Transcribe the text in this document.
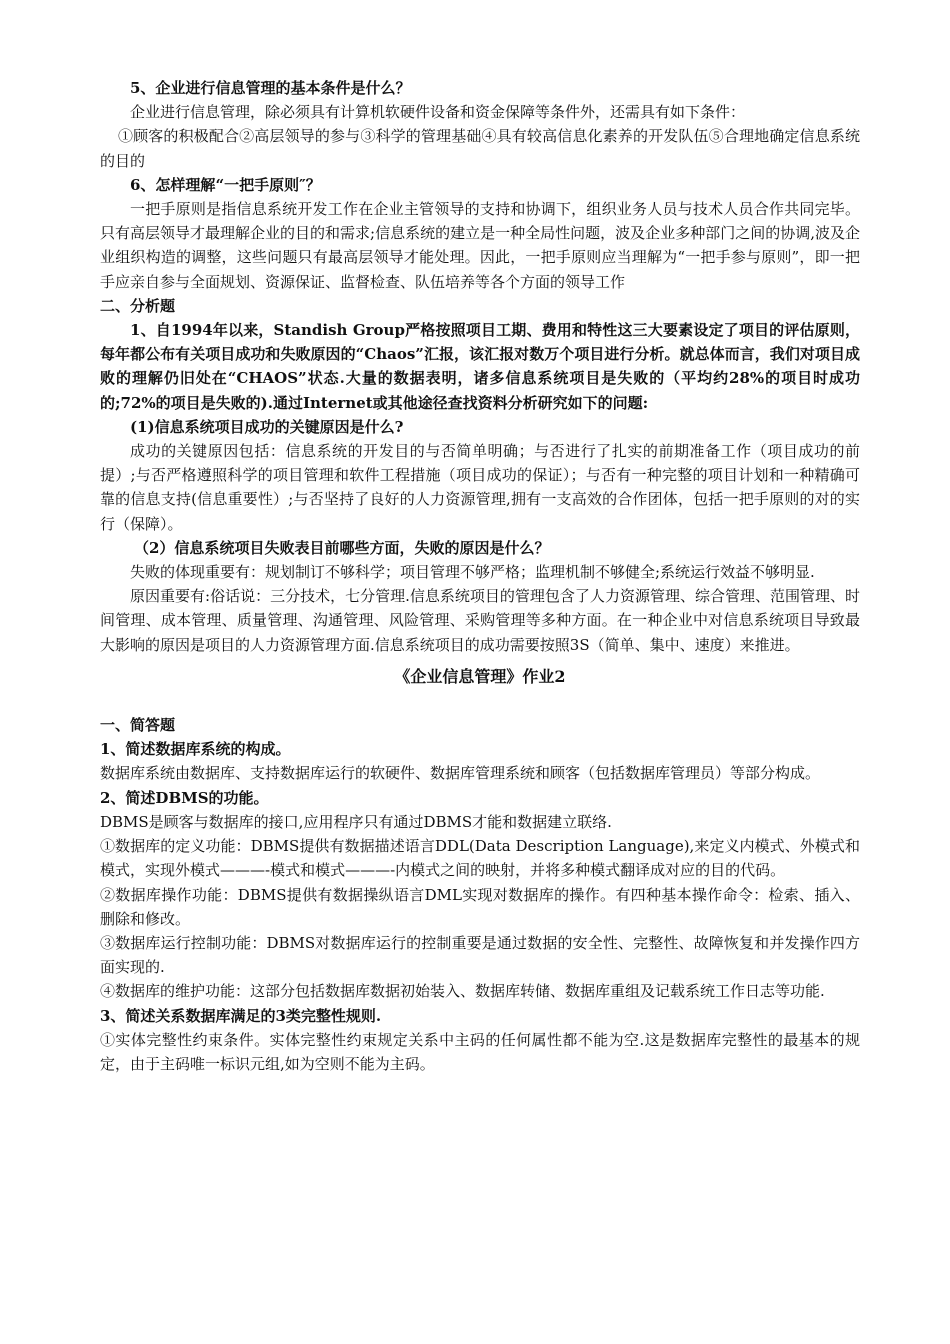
5、企业进行信息管理的基本条件是什么？

企业进行信息管理，除必须具有计算机软硬件设备和资金保障等条件外，还需具有如下条件：

①顾客的积极配合②高层领导的参与③科学的管理基础④具有较高信息化素养的开发队伍⑤合理地确定信息系统的目的

6、怎样理解“一把手原则″？

一把手原则是指信息系统开发工作在企业主管领导的支持和协调下，组织业务人员与技术人员合作共同完毕。只有高层领导才最理解企业的目的和需求;信息系统的建立是一种全局性问题，波及企业多种部门之间的协调,波及企业组织构造的调整，这些问题只有最高层领导才能处理。因此，一把手原则应当理解为“一把手参与原则”，即一把手应亲自参与全面规划、资源保证、监督检查、队伍培养等各个方面的领导工作

二、分析题

1、自1994年以来，Standish Group严格按照项目工期、费用和特性这三大要素设定了项目的评估原则，每年都公布有关项目成功和失败原因的“Chaos”汇报，该汇报对数万个项目进行分析。就总体而言，我们对项目成败的理解仍旧处在“CHAOS”状态.大量的数据表明，诸多信息系统项目是失败的（平均约28%的项目时成功的;72%的项目是失败的).通过Internet或其他途径查找资料分析研究如下的问题:

(1)信息系统项目成功的关键原因是什么?

成功的关键原因包括：信息系统的开发目的与否简单明确；与否进行了扎实的前期准备工作（项目成功的前提）;与否严格遵照科学的项目管理和软件工程措施（项目成功的保证）；与否有一种完整的项目计划和一种精确可靠的信息支持(信息重要性）;与否坚持了良好的人力资源管理,拥有一支高效的合作团体，包括一把手原则的对的实行（保障）。

（2）信息系统项目失败表目前哪些方面，失败的原因是什么？

失败的体现重要有：规划制订不够科学；项目管理不够严格；监理机制不够健全;系统运行效益不够明显.

原因重要有:俗话说：三分技术，七分管理.信息系统项目的管理包含了人力资源管理、综合管理、范围管理、时间管理、成本管理、质量管理、沟通管理、风险管理、采购管理等多种方面。在一种企业中对信息系统项目导致最大影响的原因是项目的人力资源管理方面.信息系统项目的成功需要按照3S（简单、集中、速度）来推进。

《企业信息管理》作业2

一、简答题

1、简述数据库系统的构成。

数据库系统由数据库、支持数据库运行的软硬件、数据库管理系统和顾客（包括数据库管理员）等部分构成。

2、简述DBMS的功能。

DBMS是顾客与数据库的接口,应用程序只有通过DBMS才能和数据建立联络.

①数据库的定义功能：DBMS提供有数据描述语言DDL(Data Description Language),来定义内模式、外模式和模式，实现外模式———-模式和模式———-内模式之间的映射，并将多种模式翻译成对应的目的代码。

②数据库操作功能：DBMS提供有数据操纵语言DML实现对数据库的操作。有四种基本操作命令：检索、插入、删除和修改。

③数据库运行控制功能：DBMS对数据库运行的控制重要是通过数据的安全性、完整性、故障恢复和并发操作四方面实现的.

④数据库的维护功能：这部分包括数据库数据初始装入、数据库转储、数据库重组及记载系统工作日志等功能.

3、简述关系数据库满足的3类完整性规则.

①实体完整性约束条件。实体完整性约束规定关系中主码的任何属性都不能为空.这是数据库完整性的最基本的规定，由于主码唯一标识元组,如为空则不能为主码。
